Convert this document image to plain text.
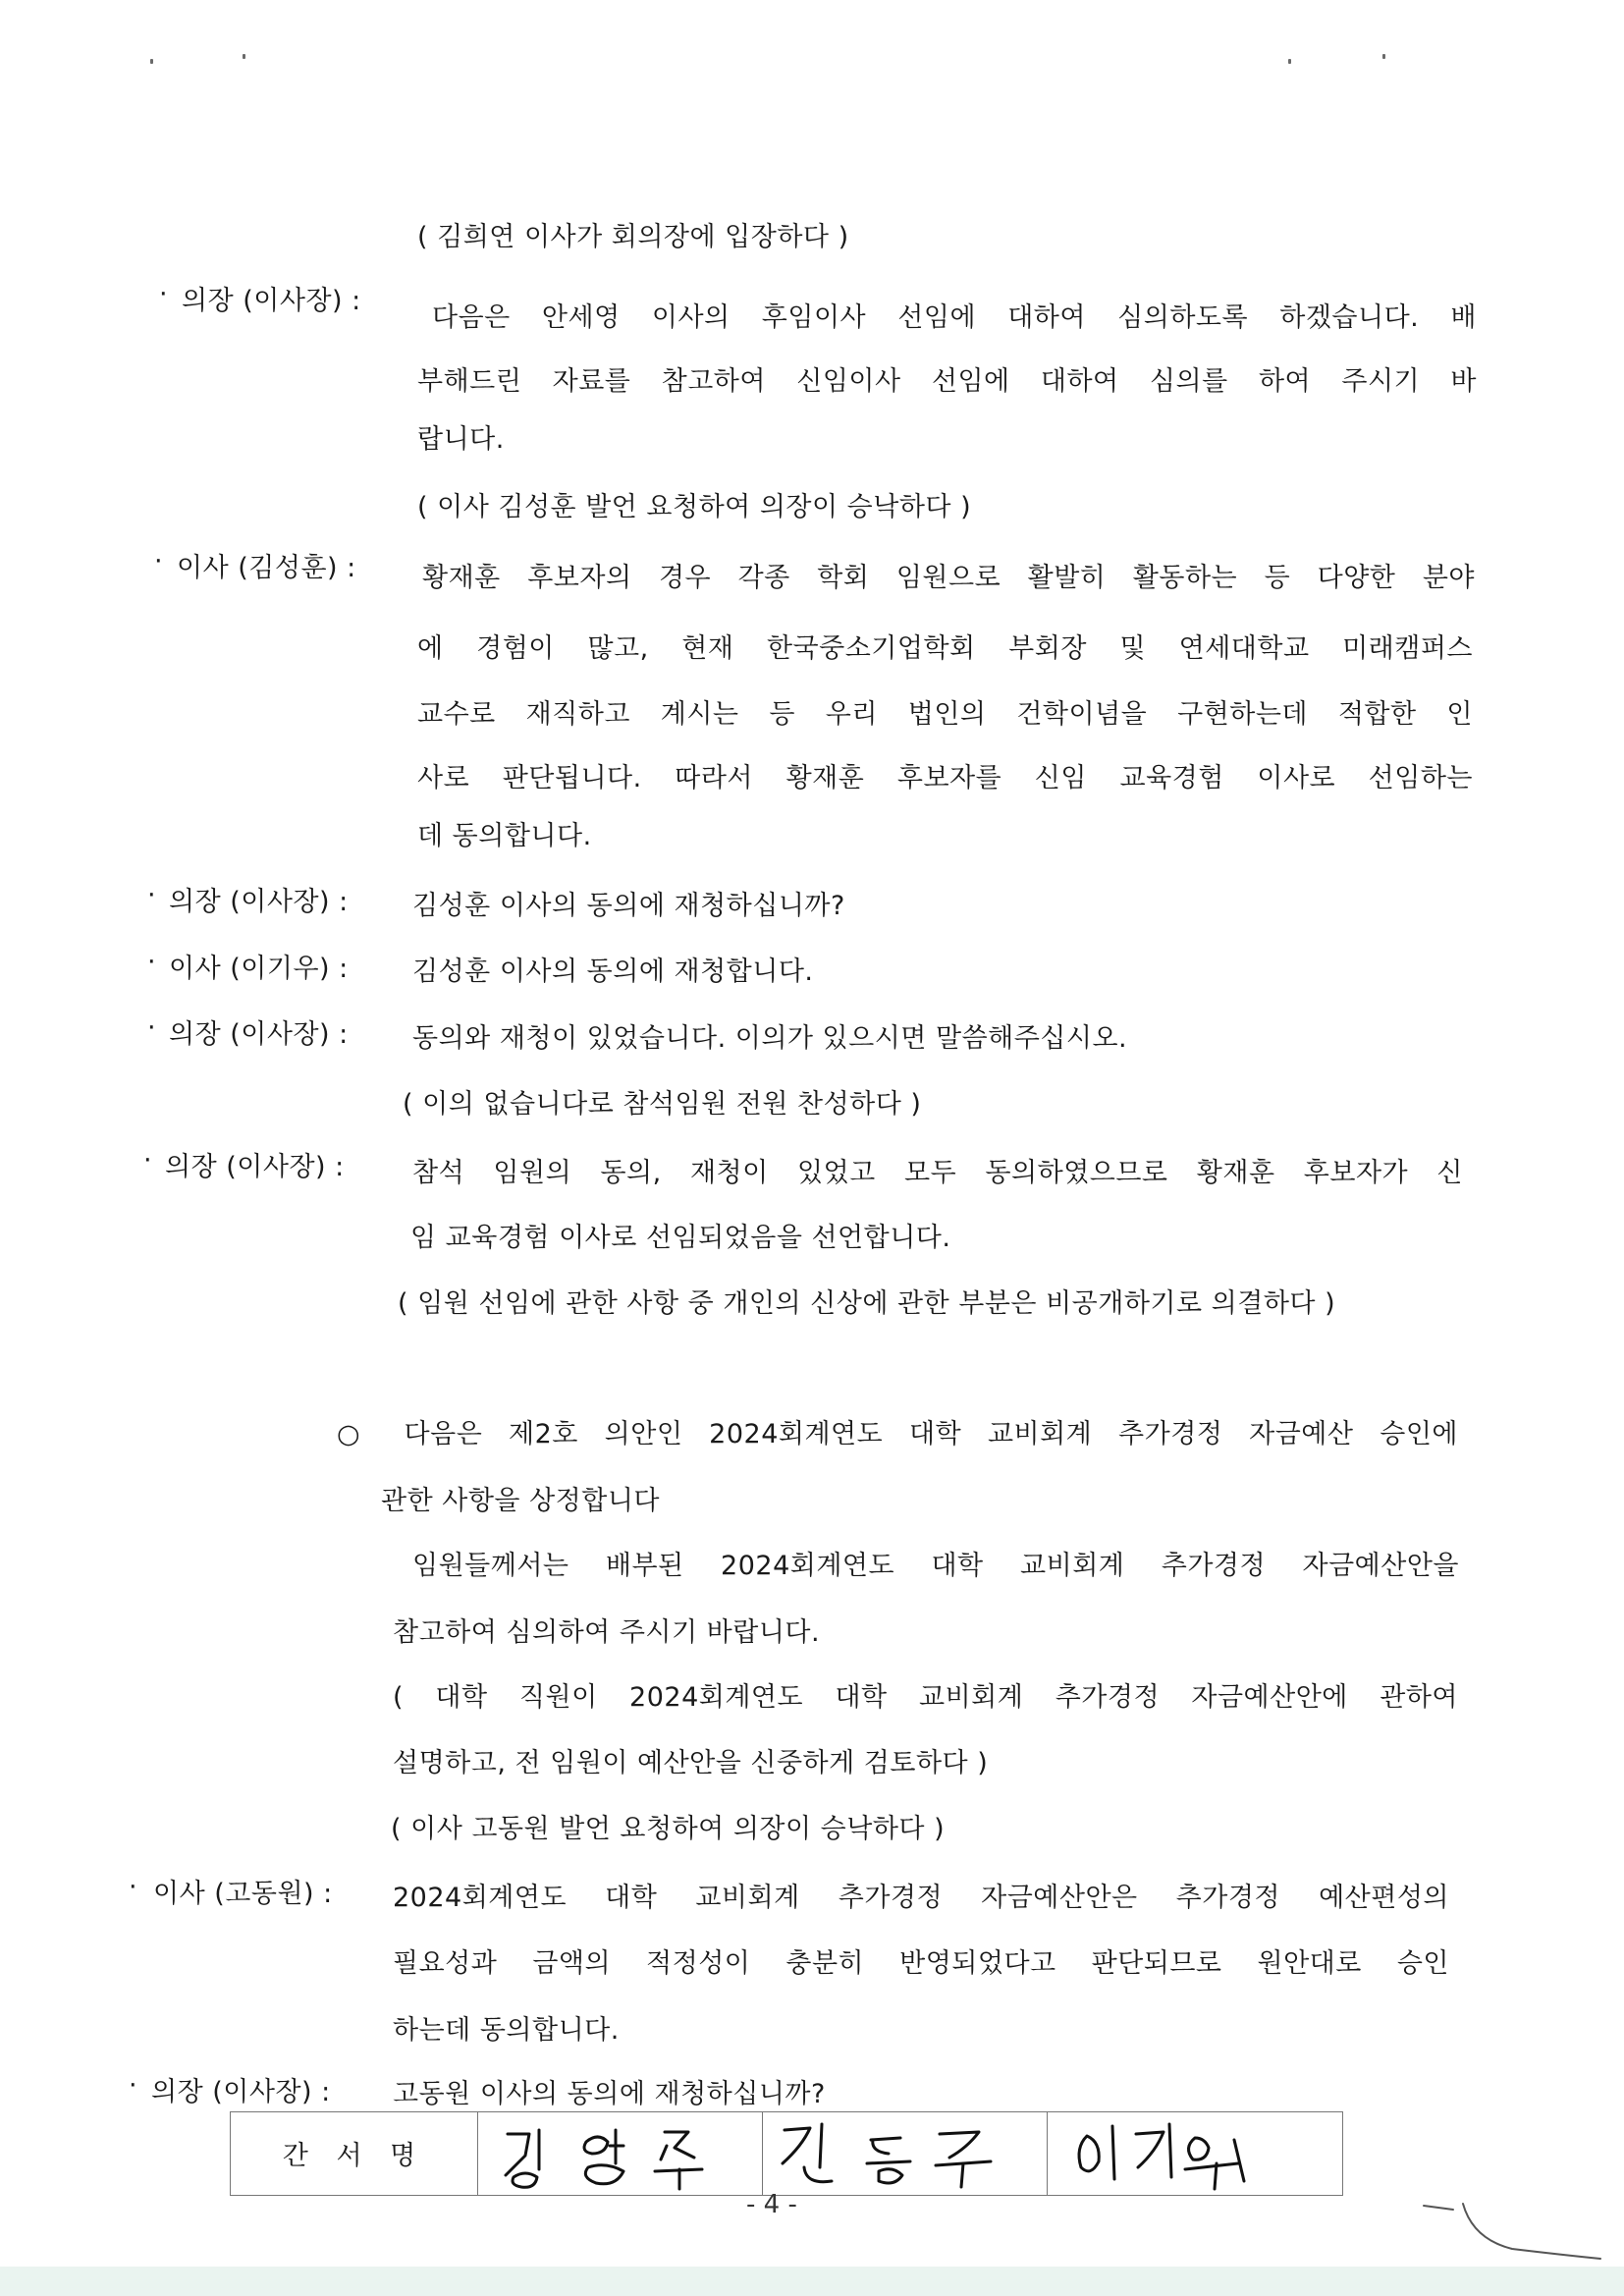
( 김희연 이사가 회의장에 입장하다 )
· 의장 (이사장) :
다음은 안세영 이사의 후임이사 선임에 대하여 심의하도록 하겠습니다. 배
부해드린 자료를 참고하여 신임이사 선임에 대하여 심의를 하여 주시기 바
랍니다.
( 이사 김성훈 발언 요청하여 의장이 승낙하다 )
· 이사 (김성훈) : 황재훈 후보자의 경우 각종 학회 임원으로 활발히 활동하는 등 다양한 분야
에 경험이 많고, 현재 한국중소기업학회 부회장 및 연세대학교 미래캠퍼스
교수로 재직하고 계시는 등 우리 법인의 건학이념을 구현하는데 적합한 인
사로 판단됩니다. 따라서 황재훈 후보자를 신임 교육경험 이사로 선임하는
데 동의합니다.
· 의장 (이사장) : 김성훈 이사의 동의에 재청하십니까?
· 이사 (이기우) : 김성훈 이사의 동의에 재청합니다.
· 의장 (이사장) : 동의와 재청이 있었습니다. 이의가 있으시면 말씀해주십시오.
( 이의 없습니다로 참석임원 전원 찬성하다 )
· 의장 (이사장) :	참석 임원의 동의, 재청이 있었고 모두 동의하였으므로 황재훈 후보자가 신
임 교육경험 이사로 선임되었음을 선언합니다.
( 임원 선임에 관한 사항 중 개인의 신상에 관한 부분은 비공개하기로 의결하다 )
○ 다음은 제2호 의안인 2024회계연도 대학 교비회계 추가경정 자금예산 승인에
관한 사항을 상정합니다
임원들께서는 배부된 2024회계연도 대학 교비회계 추가경정 자금예산안을
참고하여 심의하여 주시기 바랍니다.
( 대학 직원이 2024회계연도 대학 교비회계 추가경정 자금예산안에 관하여
설명하고, 전 임원이 예산안을 신중하게 검토하다 )
( 이사 고동원 발언 요청하여 의장이 승낙하다 )
· 이사 (고동원) : 2024회계연도 대학 교비회계 추가경정 자금예산안은 추가경정 예산편성의
필요성과 금액의 적정성이 충분히 반영되었다고 판단되므로 원안대로 승인
하는데 동의합니다.
· 의장 (이사장) : 고동원 이사의 동의에 재청하십니까?
간 서 명
- 4 -
